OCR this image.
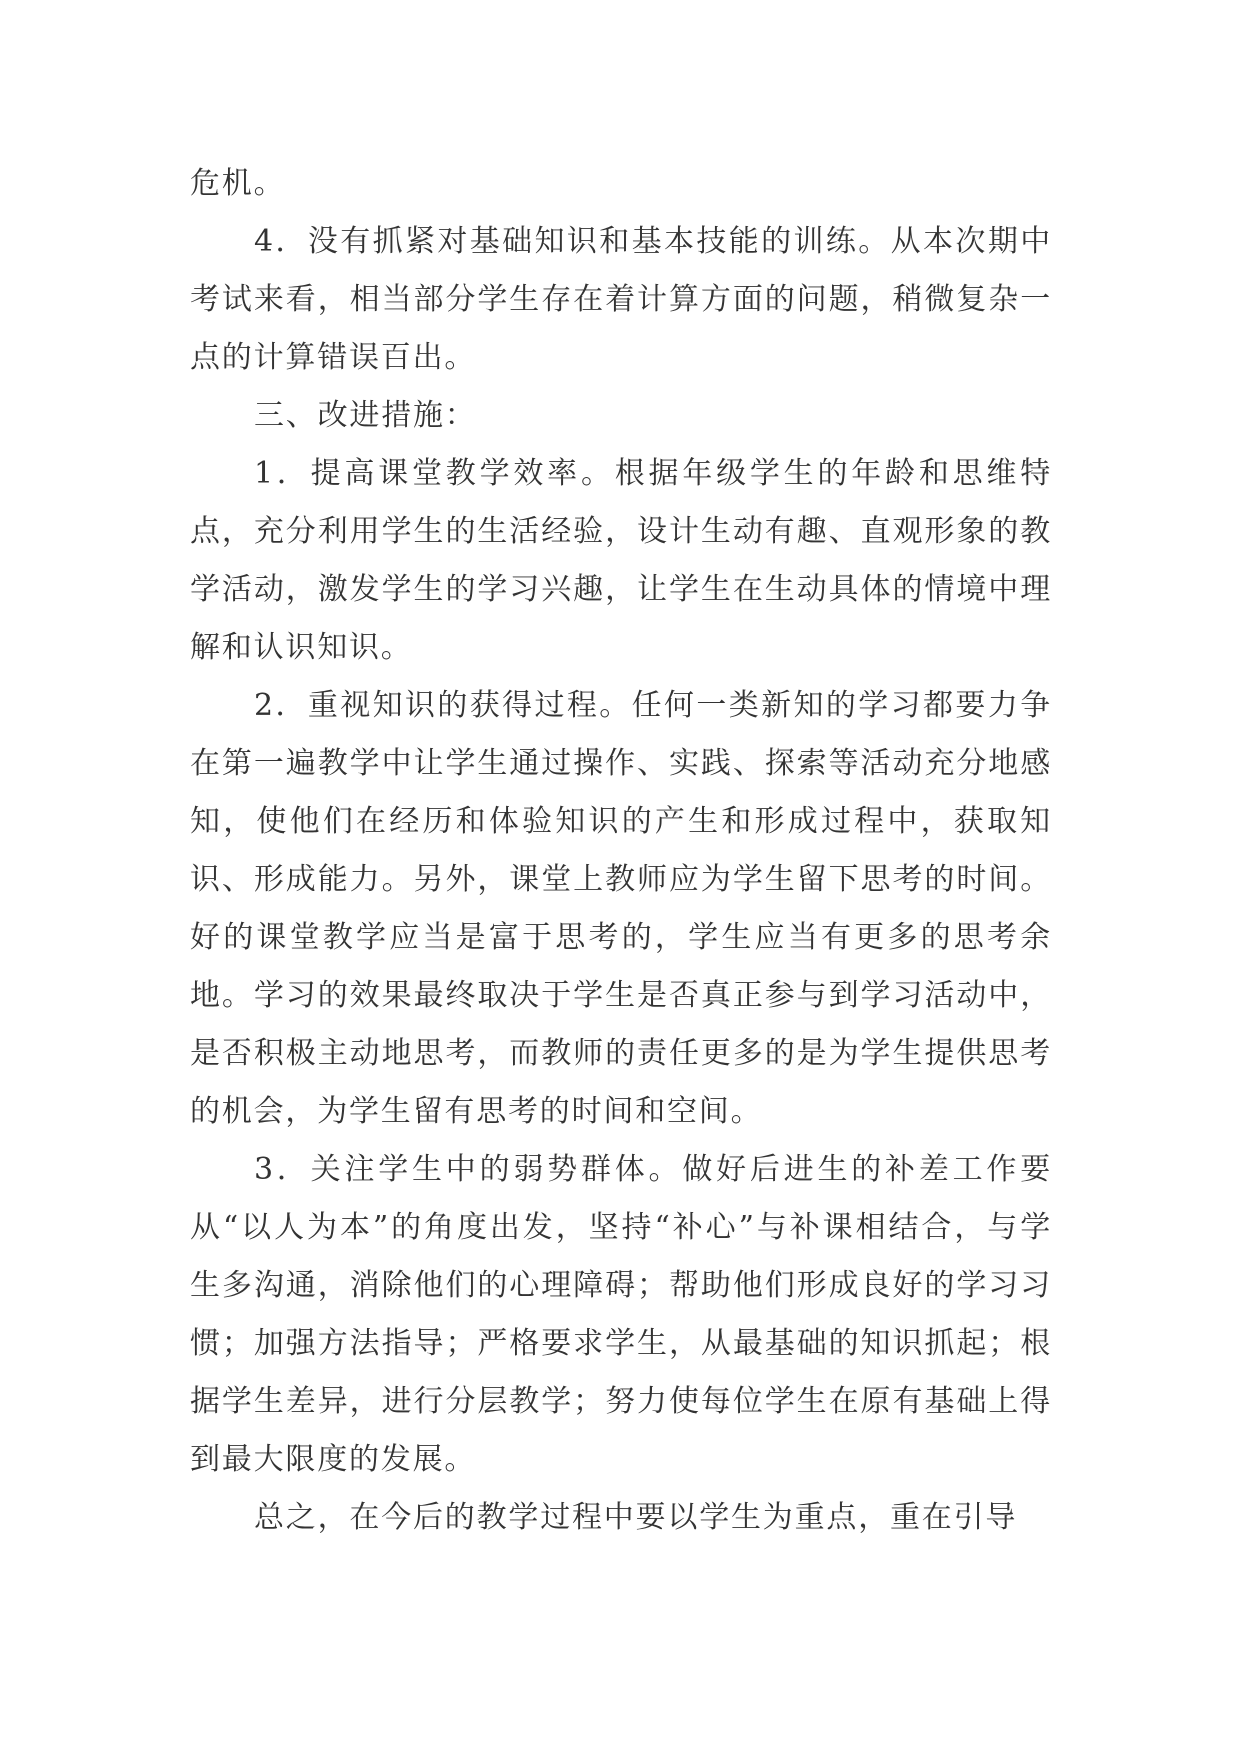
危机。

4．没有抓紧对基础知识和基本技能的训练。从本次期中考试来看，相当部分学生存在着计算方面的问题，稍微复杂一点的计算错误百出。

三、改进措施：

1．提高课堂教学效率。根据年级学生的年龄和思维特点，充分利用学生的生活经验，设计生动有趣、直观形象的教学活动，激发学生的学习兴趣，让学生在生动具体的情境中理解和认识知识。

2．重视知识的获得过程。任何一类新知的学习都要力争在第一遍教学中让学生通过操作、实践、探索等活动充分地感知，使他们在经历和体验知识的产生和形成过程中，获取知识、形成能力。另外，课堂上教师应为学生留下思考的时间。好的课堂教学应当是富于思考的，学生应当有更多的思考余地。学习的效果最终取决于学生是否真正参与到学习活动中，是否积极主动地思考，而教师的责任更多的是为学生提供思考的机会，为学生留有思考的时间和空间。

3．关注学生中的弱势群体。做好后进生的补差工作要从“以人为本”的角度出发，坚持“补心”与补课相结合，与学生多沟通，消除他们的心理障碍；帮助他们形成良好的学习习惯；加强方法指导；严格要求学生，从最基础的知识抓起；根据学生差异，进行分层教学；努力使每位学生在原有基础上得到最大限度的发展。

总之，在今后的教学过程中要以学生为重点，重在引导
